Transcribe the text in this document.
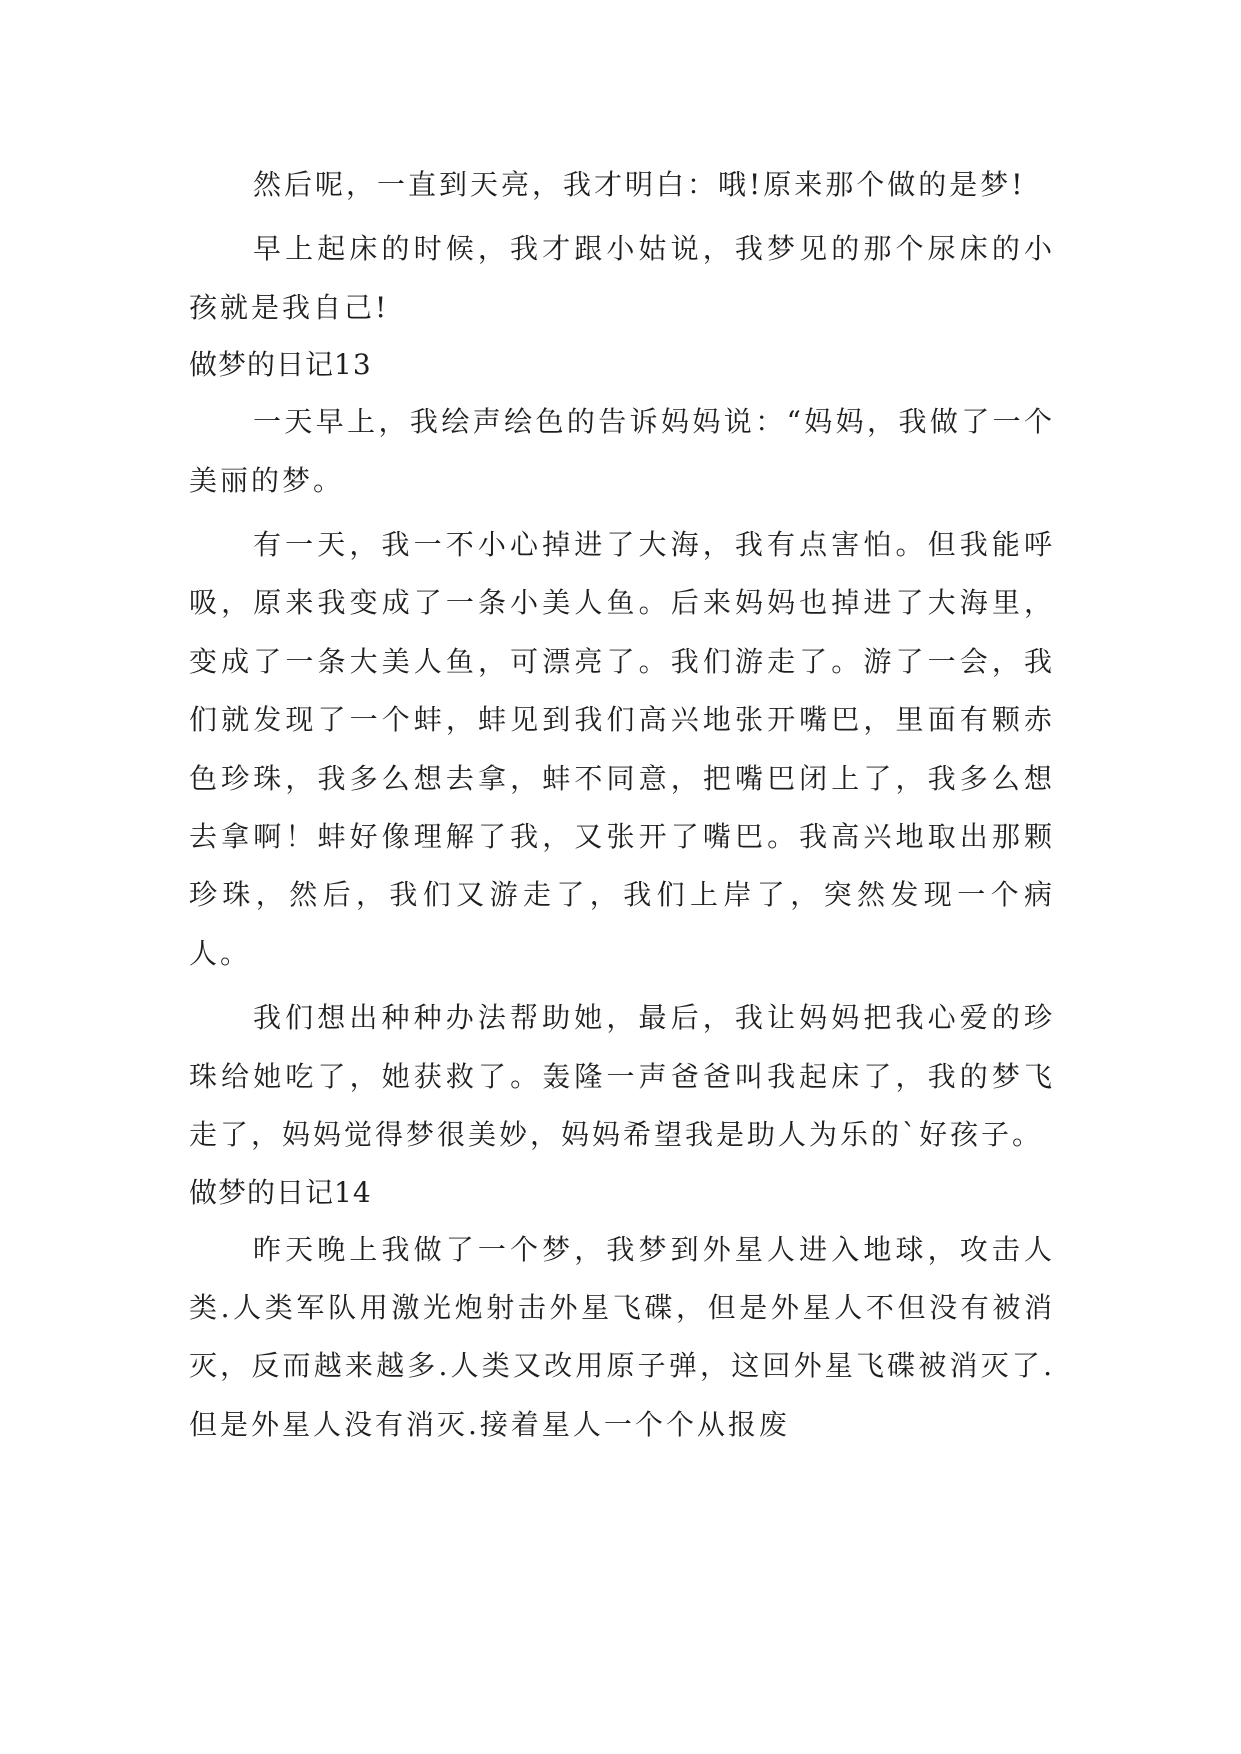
然后呢，一直到天亮，我才明白：哦!原来那个做的是梦!

早上起床的时候，我才跟小姑说，我梦见的那个尿床的小孩就是我自己!

做梦的日记13

一天早上，我绘声绘色的告诉妈妈说：“妈妈，我做了一个美丽的梦。

有一天，我一不小心掉进了大海，我有点害怕。但我能呼吸，原来我变成了一条小美人鱼。后来妈妈也掉进了大海里，变成了一条大美人鱼，可漂亮了。我们游走了。游了一会，我们就发现了一个蚌，蚌见到我们高兴地张开嘴巴，里面有颗赤色珍珠，我多么想去拿，蚌不同意，把嘴巴闭上了，我多么想去拿啊！蚌好像理解了我，又张开了嘴巴。我高兴地取出那颗珍珠，然后，我们又游走了，我们上岸了，突然发现一个病人。

我们想出种种办法帮助她，最后，我让妈妈把我心爱的珍珠给她吃了，她获救了。轰隆一声爸爸叫我起床了，我的梦飞走了，妈妈觉得梦很美妙，妈妈希望我是助人为乐的`好孩子。

做梦的日记14

昨天晚上我做了一个梦，我梦到外星人进入地球，攻击人类.人类军队用激光炮射击外星飞碟，但是外星人不但没有被消灭，反而越来越多.人类又改用原子弹，这回外星飞碟被消灭了.但是外星人没有消灭.接着星人一个个从报废
